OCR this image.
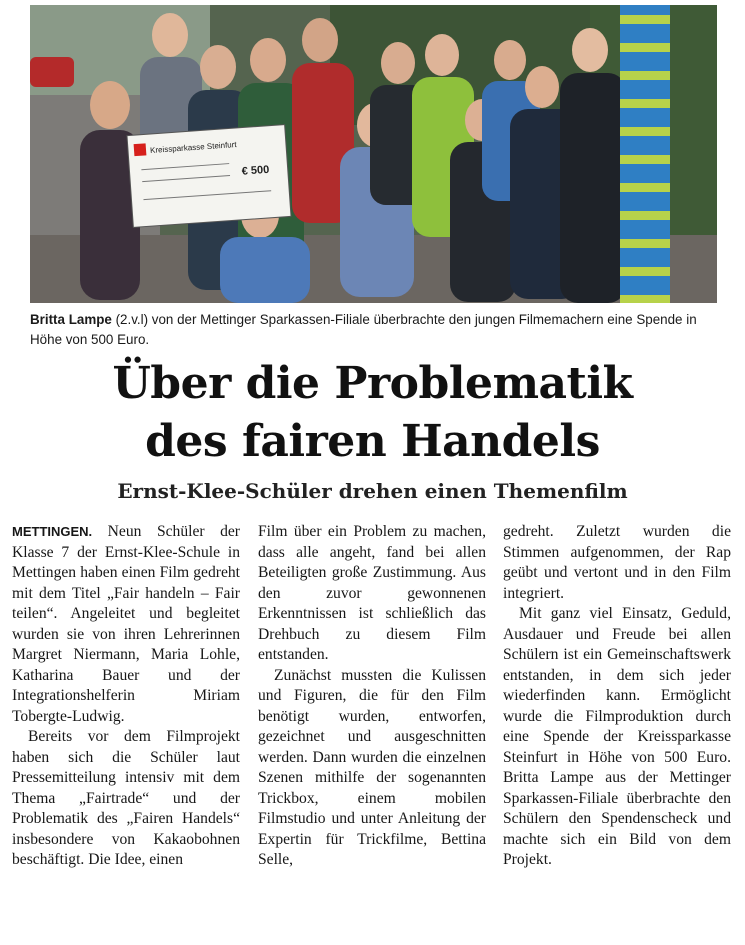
Kreissparkasse Steinfurt
€ 500
Britta Lampe (2.v.l) von der Mettinger Sparkassen-Filiale überbrachte den jungen Filmemachern eine Spende in Höhe von 500 Euro.
Über die Problematik
des fairen Handels
Ernst-Klee-Schüler drehen einen Themenfilm

METTINGEN. Neun Schüler der Klasse 7 der Ernst-Klee-Schule in Mettingen haben einen Film gedreht mit dem Titel „Fair handeln – Fair teilen“. Angeleitet und begleitet wurden sie von ihren Lehrerinnen Margret Niermann, Maria Lohle, Katharina Bauer und der Integrationshelferin Miriam Tobergte-Ludwig.

Bereits vor dem Filmprojekt haben sich die Schüler laut Pressemitteilung intensiv mit dem Thema „Fairtrade“ und der Problematik des „Fairen Handels“ insbesondere von Kakaobohnen beschäftigt. Die Idee, einen

Film über ein Problem zu machen, dass alle angeht, fand bei allen Beteiligten große Zustimmung. Aus den zuvor gewonnenen Erkenntnissen ist schließlich das Drehbuch zu diesem Film entstanden.

Zunächst mussten die Kulissen und Figuren, die für den Film benötigt wurden, entworfen, gezeichnet und ausgeschnitten werden. Dann wurden die einzelnen Szenen mithilfe der sogenannten Trickbox, einem mobilen Filmstudio und unter Anleitung der Expertin für Trickfilme, Bettina Selle,

gedreht. Zuletzt wurden die Stimmen aufgenommen, der Rap geübt und vertont und in den Film integriert.

Mit ganz viel Einsatz, Geduld, Ausdauer und Freude bei allen Schülern ist ein Gemeinschaftswerk entstanden, in dem sich jeder wiederfinden kann. Ermöglicht wurde die Filmproduktion durch eine Spende der Kreissparkasse Steinfurt in Höhe von 500 Euro. Britta Lampe aus der Mettinger Sparkassen-Filiale überbrachte den Schülern den Spendenscheck und machte sich ein Bild von dem Projekt.
